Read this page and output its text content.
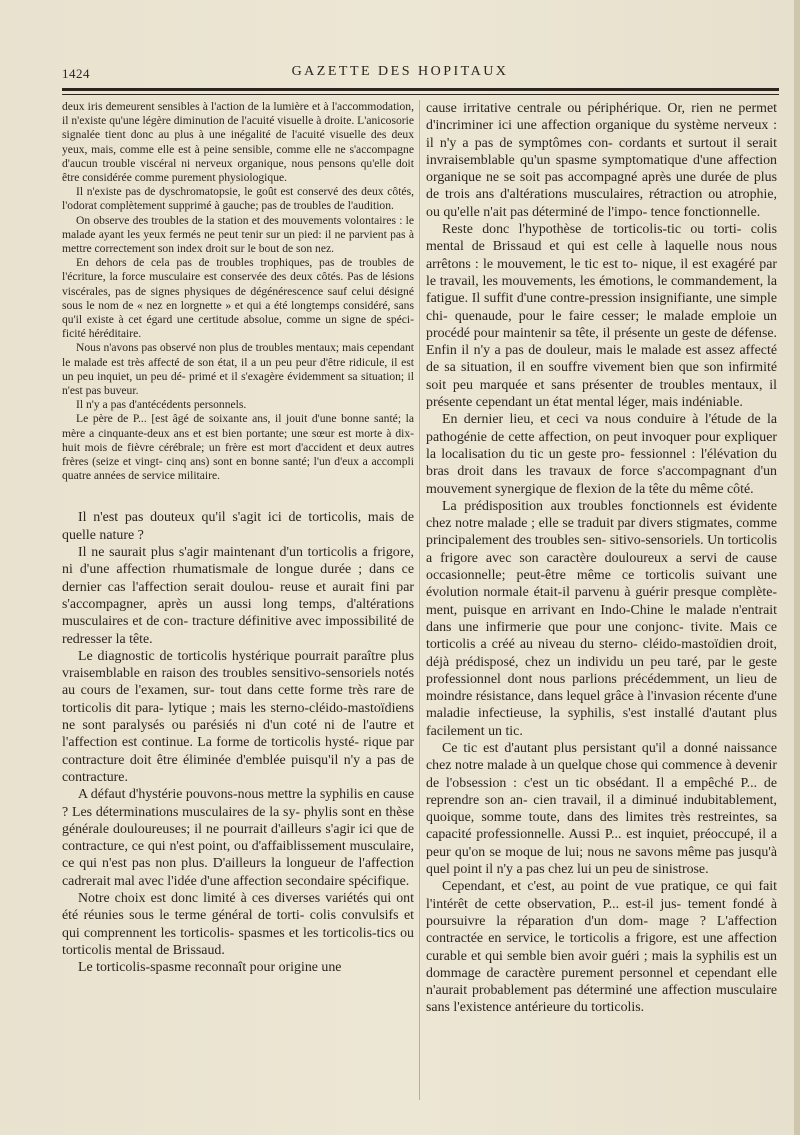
1424	GAZETTE DES HOPITAUX

deux iris demeurent sensibles à l'action de la lumière et à l'accommodation, il n'existe qu'une légère diminution de l'acuité visuelle à droite. L'anicosorie signalée tient donc au plus à une inégalité de l'acuité visuelle des deux yeux, mais, comme elle est à peine sensible, comme elle ne s'accompagne d'aucun trouble viscéral ni nerveux organique, nous pensons qu'elle doit être considérée comme purement physiologique.

Il n'existe pas de dyschromatopsie, le goût est conservé des deux côtés, l'odorat complètement supprimé à gauche; pas de troubles de l'audition.

On observe des troubles de la station et des mouvements volontaires : le malade ayant les yeux fermés ne peut tenir sur un pied: il ne parvient pas à mettre correctement son index droit sur le bout de son nez.

En dehors de cela pas de troubles trophiques, pas de troubles de l'écriture, la force musculaire est conservée des deux côtés. Pas de lésions viscérales, pas de signes physiques de dégénérescence sauf celui désigné sous le nom de « nez en lorgnette » et qui a été longtemps considéré, sans qu'il existe à cet égard une certitude absolue, comme un signe de spéci- ficité héréditaire.

Nous n'avons pas observé non plus de troubles mentaux; mais cependant le malade est très affecté de son état, il a un peu peur d'être ridicule, il est un peu inquiet, un peu dé- primé et il s'exagère évidemment sa situation; il n'est pas buveur.

Il n'y a pas d'antécédents personnels.

Le père de P... [est âgé de soixante ans, il jouit d'une bonne santé; la mère a cinquante-deux ans et est bien portante; une sœur est morte à dix-huit mois de fièvre cérébrale; un frère est mort d'accident et deux autres frères (seize et vingt- cinq ans) sont en bonne santé; l'un d'eux a accompli quatre années de service militaire.

Il n'est pas douteux qu'il s'agit ici de torticolis, mais de quelle nature ?

Il ne saurait plus s'agir maintenant d'un torticolis a frigore, ni d'une affection rhumatismale de longue durée ; dans ce dernier cas l'affection serait doulou- reuse et aurait fini par s'accompagner, après un aussi long temps, d'altérations musculaires et de con- tracture définitive avec impossibilité de redresser la tête.

Le diagnostic de torticolis hystérique pourrait paraître plus vraisemblable en raison des troubles sensitivo-sensoriels notés au cours de l'examen, sur- tout dans cette forme très rare de torticolis dit para- lytique ; mais les sterno-cléido-mastoïdiens ne sont paralysés ou parésiés ni d'un coté ni de l'autre et l'affection est continue. La forme de torticolis hysté- rique par contracture doit être éliminée d'emblée puisqu'il n'y a pas de contracture.

A défaut d'hystérie pouvons-nous mettre la syphilis en cause ? Les déterminations musculaires de la sy- phylis sont en thèse générale douloureuses; il ne pourrait d'ailleurs s'agir ici que de contracture, ce qui n'est point, ou d'affaiblissement musculaire, ce qui n'est pas non plus. D'ailleurs la longueur de l'affection cadrerait mal avec l'idée d'une affection secondaire spécifique.

Notre choix est donc limité à ces diverses variétés qui ont été réunies sous le terme général de torti- colis convulsifs et qui comprennent les torticolis- spasmes et les torticolis-tics ou torticolis mental de Brissaud.

Le torticolis-spasme reconnaît pour origine une

cause irritative centrale ou périphérique. Or, rien ne permet d'incriminer ici une affection organique du système nerveux : il n'y a pas de symptômes con- cordants et surtout il serait invraisemblable qu'un spasme symptomatique d'une affection organique ne se soit pas accompagné après une durée de plus de trois ans d'altérations musculaires, rétraction ou atrophie, ou qu'elle n'ait pas déterminé de l'impo- tence fonctionnelle.

Reste donc l'hypothèse de torticolis-tic ou torti- colis mental de Brissaud et qui est celle à laquelle nous nous arrêtons : le mouvement, le tic est to- nique, il est exagéré par le travail, les mouvements, les émotions, le commandement, la fatigue. Il suffit d'une contre-pression insignifiante, une simple chi- quenaude, pour le faire cesser; le malade emploie un procédé pour maintenir sa tête, il présente un geste de défense. Enfin il n'y a pas de douleur, mais le malade est assez affecté de sa situation, il en souffre vivement bien que son infirmité soit peu marquée et sans présenter de troubles mentaux, il présente cependant un état mental léger, mais indéniable.

En dernier lieu, et ceci va nous conduire à l'étude de la pathogénie de cette affection, on peut invoquer pour expliquer la localisation du tic un geste pro- fessionnel : l'élévation du bras droit dans les travaux de force s'accompagnant d'un mouvement synergique de flexion de la tête du même côté.

La prédisposition aux troubles fonctionnels est évidente chez notre malade ; elle se traduit par divers stigmates, comme principalement des troubles sen- sitivo-sensoriels. Un torticolis a frigore avec son caractère douloureux a servi de cause occasionnelle; peut-être même ce torticolis suivant une évolution normale était-il parvenu à guérir presque complète- ment, puisque en arrivant en Indo-Chine le malade n'entrait dans une infirmerie que pour une conjonc- tivite. Mais ce torticolis a créé au niveau du sterno- cléido-mastoïdien droit, déjà prédisposé, chez un individu un peu taré, par le geste professionnel dont nous parlions précédemment, un lieu de moindre résistance, dans lequel grâce à l'invasion récente d'une maladie infectieuse, la syphilis, s'est installé d'autant plus facilement un tic.

Ce tic est d'autant plus persistant qu'il a donné naissance chez notre malade à un quelque chose qui commence à devenir de l'obsession : c'est un tic obsédant. Il a empêché P... de reprendre son an- cien travail, il a diminué indubitablement, quoique, somme toute, dans des limites très restreintes, sa capacité professionnelle. Aussi P... est inquiet, préoccupé, il a peur qu'on se moque de lui; nous ne savons même pas jusqu'à quel point il n'y a pas chez lui un peu de sinistrose.

Cependant, et c'est, au point de vue pratique, ce qui fait l'intérêt de cette observation, P... est-il jus- tement fondé à poursuivre la réparation d'un dom- mage ? L'affection contractée en service, le torticolis a frigore, est une affection curable et qui semble bien avoir guéri ; mais la syphilis est un dommage de caractère purement personnel et cependant elle n'aurait probablement pas déterminé une affection musculaire sans l'existence antérieure du torticolis.
